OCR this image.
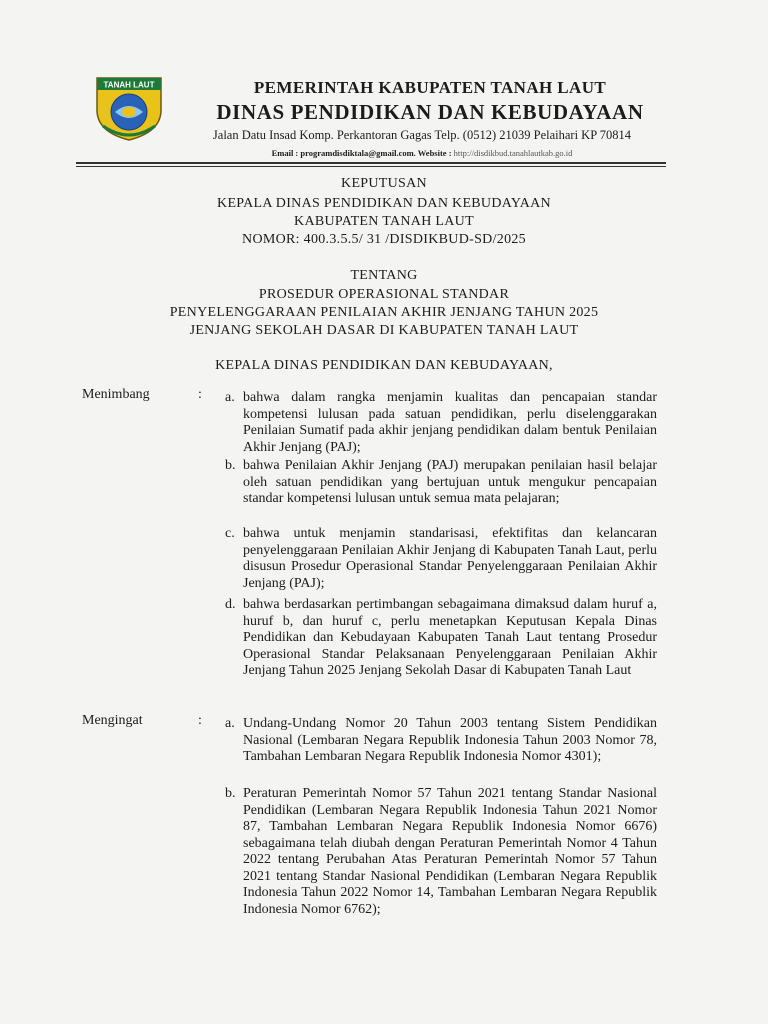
TANAH LAUT	PEMERINTAH KABUPATEN TANAH LAUT
DINAS PENDIDIKAN DAN KEBUDAYAAN
Jalan Datu Insad Komp. Perkantoran Gagas Telp. (0512) 21039 Pelaihari KP 70814
Email : programdisdiktala@gmail.com. Website : http://disdikbud.tanahlautkab.go.id
KEPUTUSAN
KEPALA DINAS PENDIDIKAN DAN KEBUDAYAAN
KABUPATEN TANAH LAUT
NOMOR: 400.3.5.5/ 31 /DISDIKBUD-SD/2025
TENTANG
PROSEDUR OPERASIONAL STANDAR
PENYELENGGARAAN PENILAIAN AKHIR JENJANG TAHUN 2025
JENJANG SEKOLAH DASAR DI KABUPATEN TANAH LAUT
KEPALA DINAS PENDIDIKAN DAN KEBUDAYAAN,
Menimbang	: a. bahwa dalam rangka menjamin kualitas dan pencapaian standar kompetensi lulusan pada satuan pendidikan, perlu diselenggarakan Penilaian Sumatif pada akhir jenjang pendidikan dalam bentuk Penilaian Akhir Jenjang (PAJ);
b. bahwa Penilaian Akhir Jenjang (PAJ) merupakan penilaian hasil belajar oleh satuan pendidikan yang bertujuan untuk mengukur pencapaian standar kompetensi lulusan untuk semua mata pelajaran;
c. bahwa untuk menjamin standarisasi, efektifitas dan kelancaran penyelenggaraan Penilaian Akhir Jenjang di Kabupaten Tanah Laut, perlu disusun Prosedur Operasional Standar Penyelenggaraan Penilaian Akhir Jenjang (PAJ);
d. bahwa berdasarkan pertimbangan sebagaimana dimaksud dalam huruf a, huruf b, dan huruf c, perlu menetapkan Keputusan Kepala Dinas Pendidikan dan Kebudayaan Kabupaten Tanah Laut tentang Prosedur Operasional Standar Pelaksanaan Penyelenggaraan Penilaian Akhir Jenjang Tahun 2025 Jenjang Sekolah Dasar di Kabupaten Tanah Laut
Mengingat	: a. Undang-Undang Nomor 20 Tahun 2003 tentang Sistem Pendidikan Nasional (Lembaran Negara Republik Indonesia Tahun 2003 Nomor 78, Tambahan Lembaran Negara Republik Indonesia Nomor 4301);
b. Peraturan Pemerintah Nomor 57 Tahun 2021 tentang Standar Nasional Pendidikan (Lembaran Negara Republik Indonesia Tahun 2021 Nomor 87, Tambahan Lembaran Negara Republik Indonesia Nomor 6676) sebagaimana telah diubah dengan Peraturan Pemerintah Nomor 4 Tahun 2022 tentang Perubahan Atas Peraturan Pemerintah Nomor 57 Tahun 2021 tentang Standar Nasional Pendidikan (Lembaran Negara Republik Indonesia Tahun 2022 Nomor 14, Tambahan Lembaran Negara Republik Indonesia Nomor 6762);
